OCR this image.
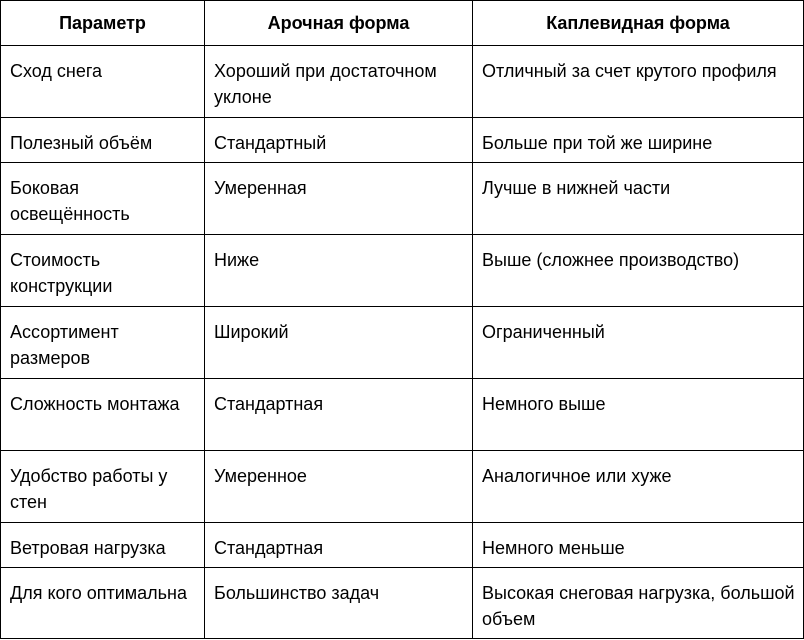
Параметр	Арочная форма	Каплевидная форма
Сход снега	Хороший при достаточном уклоне	Отличный за счет крутого профиля
Полезный объём	Стандартный	Больше при той же ширине
Боковая освещённость	Умеренная	Лучше в нижней части
Стоимость конструкции	Ниже	Выше (сложнее производство)
Ассортимент размеров	Широкий	Ограниченный
Сложность монтажа	Стандартная	Немного выше
Удобство работы у стен	Умеренное	Аналогичное или хуже
Ветровая нагрузка	Стандартная	Немного меньше
Для кого оптимальна	Большинство задач	Высокая снеговая нагрузка, большой объем
